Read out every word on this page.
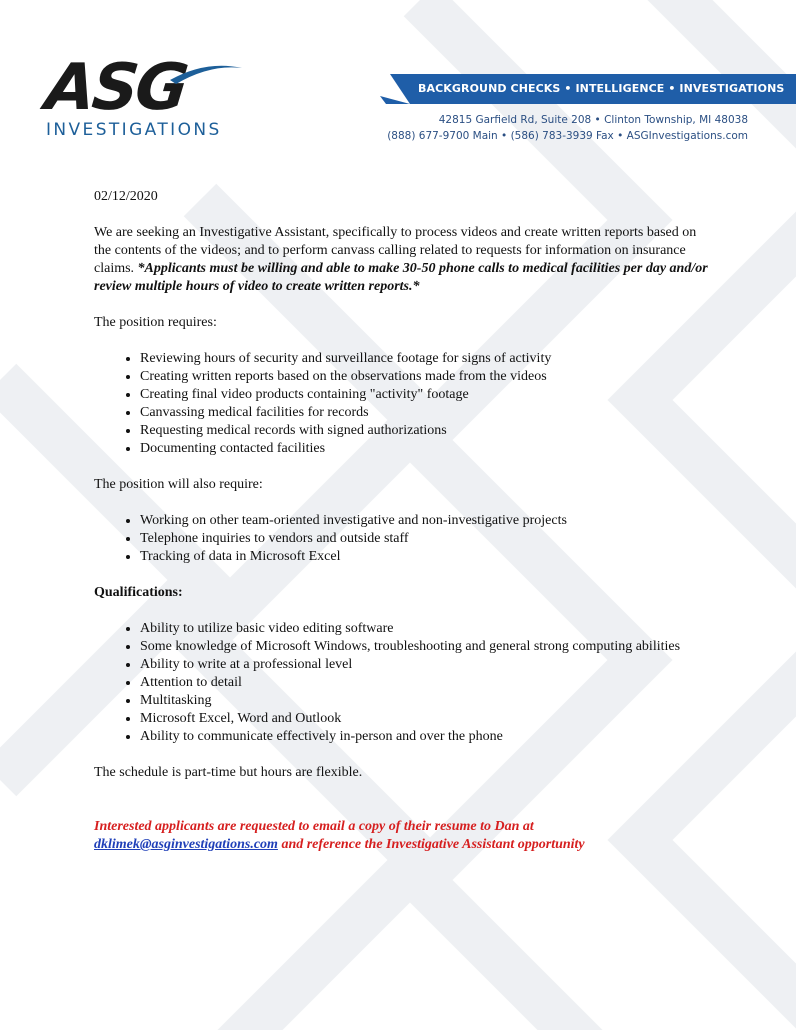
ASG
INVESTIGATIONS
BACKGROUND CHECKS • INTELLIGENCE • INVESTIGATIONS
42815 Garfield Rd, Suite 208 • Clinton Township, MI 48038
(888) 677-9700 Main • (586) 783-3939 Fax • ASGInvestigations.com

02/12/2020

We are seeking an Investigative Assistant, specifically to process videos and create written reports based on the contents of the videos; and to perform canvass calling related to requests for information on insurance claims. *Applicants must be willing and able to make 30-50 phone calls to medical facilities per day and/or review multiple hours of video to create written reports.*

The position requires:

• Reviewing hours of security and surveillance footage for signs of activity
• Creating written reports based on the observations made from the videos
• Creating final video products containing "activity" footage
• Canvassing medical facilities for records
• Requesting medical records with signed authorizations
• Documenting contacted facilities

The position will also require:

• Working on other team-oriented investigative and non-investigative projects
• Telephone inquiries to vendors and outside staff
• Tracking of data in Microsoft Excel

Qualifications:

• Ability to utilize basic video editing software
• Some knowledge of Microsoft Windows, troubleshooting and general strong computing abilities
• Ability to write at a professional level
• Attention to detail
• Multitasking
• Microsoft Excel, Word and Outlook
• Ability to communicate effectively in-person and over the phone

The schedule is part-time but hours are flexible.

Interested applicants are requested to email a copy of their resume to Dan at
dklimek@asginvestigations.com and reference the Investigative Assistant opportunity
